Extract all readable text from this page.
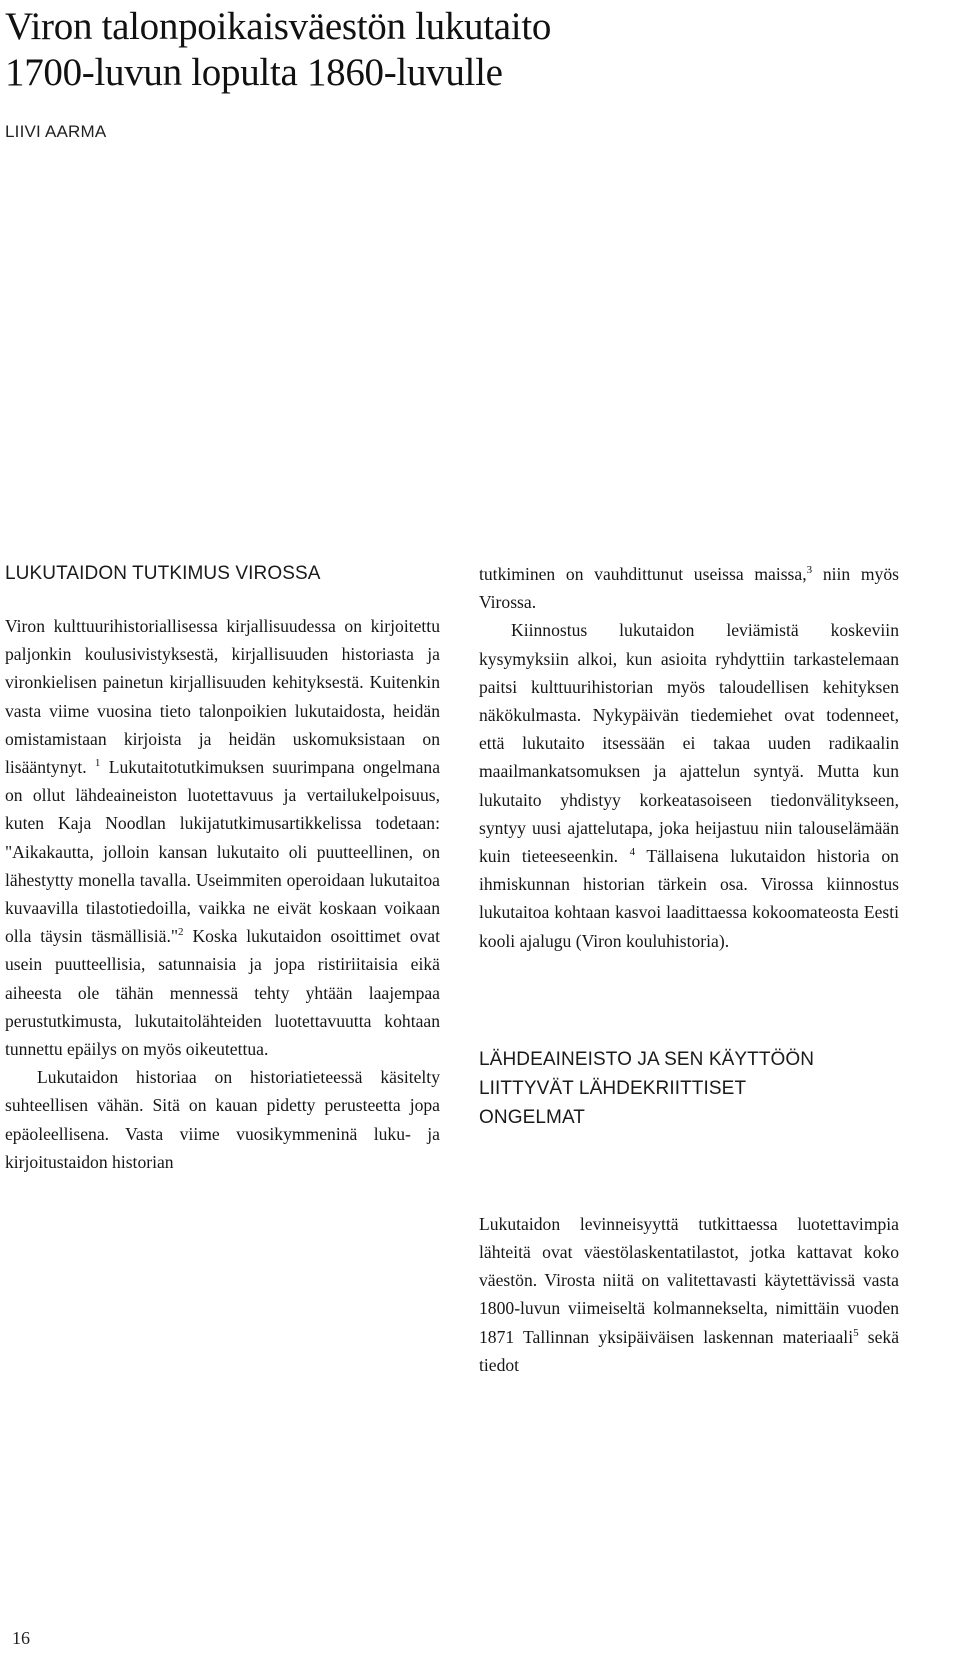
Viron talonpoikaisväestön lukutaito
1700-luvun lopulta 1860-luvulle
LIIVI AARMA
LUKUTAIDON TUTKIMUS VIROSSA

Viron kulttuurihistoriallisessa kirjallisuudessa on kirjoitettu paljonkin koulusivistyksestä, kirjallisuuden historiasta ja vironkielisen painetun kirjallisuuden kehityksestä. Kuitenkin vasta viime vuosina tieto talonpoikien lukutaidosta, heidän omistamistaan kirjoista ja heidän uskomuksistaan on lisääntynyt. $^1$ Lukutaitotutkimuksen suurimpana ongelmana on ollut lähdeaineiston luotettavuus ja vertailukelpoisuus, kuten Kaja Noodlan lukijatutkimusartikkelissa todetaan: "Aikakautta, jolloin kansan lukutaito oli puutteellinen, on lähestytty monella tavalla. Useimmiten operoidaan lukutaitoa kuvaavilla tilastotiedoilla, vaikka ne eivät koskaan voikaan olla täysin täsmällisiä."$^2$ Koska lukutaidon osoittimet ovat usein puutteellisia, satunnaisia ja jopa ristiriitaisia eikä aiheesta ole tähän mennessä tehty yhtään laajempaa perustutkimusta, lukutaitolähteiden luotettavuutta kohtaan tunnettu epäilys on myös oikeutettua.

Lukutaidon historiaa on historiatieteessä käsitelty suhteellisen vähän. Sitä on kauan pidetty perusteetta jopa epäoleellisena. Vasta viime vuosikymmeninä luku- ja kirjoitustaidon historian

tutkiminen on vauhdittunut useissa maissa,$^3$ niin myös Virossa.

Kiinnostus lukutaidon leviämistä koskeviin kysymyksiin alkoi, kun asioita ryhdyttiin tarkastelemaan paitsi kulttuurihistorian myös taloudellisen kehityksen näkökulmasta. Nykypäivän tiedemiehet ovat todenneet, että lukutaito itsessään ei takaa uuden radikaalin maailmankatsomuksen ja ajattelun syntyä. Mutta kun lukutaito yhdistyy korkeatasoiseen tiedonvälitykseen, syntyy uusi ajattelutapa, joka heijastuu niin talouselämään kuin tieteeseenkin. $^4$ Tällaisena lukutaidon historia on ihmiskunnan historian tärkein osa. Virossa kiinnostus lukutaitoa kohtaan kasvoi laadittaessa kokoomateosta Eesti kooli ajalugu (Viron kouluhistoria).

LÄHDEAINEISTO JA SEN KÄYTTÖÖN
LIITTYVÄT LÄHDEKRIITTISET
ONGELMAT

Lukutaidon levinneisyyttä tutkittaessa luotettavimpia lähteitä ovat väestölaskentatilastot, jotka kattavat koko väestön. Virosta niitä on valitettavasti käytettävissä vasta 1800-luvun viimeiseltä kolmannekselta, nimittäin vuoden 1871 Tallinnan yksipäiväisen laskennan materiaali$^5$ sekä tiedot

16
